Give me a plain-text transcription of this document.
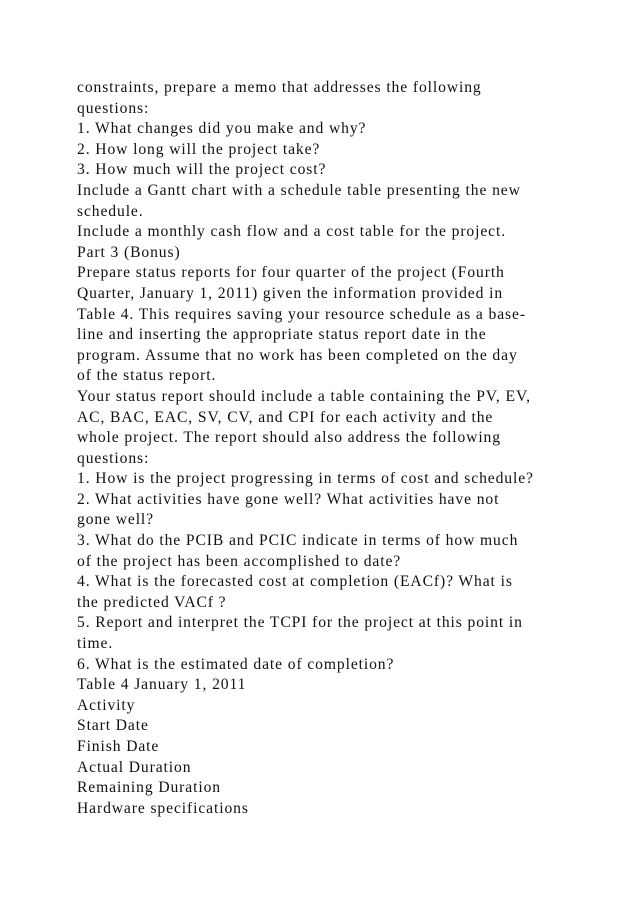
constraints, prepare a memo that addresses the following
questions:
1. What changes did you make and why?
2. How long will the project take?
3. How much will the project cost?
Include a Gantt chart with a schedule table presenting the new
schedule.
Include a monthly cash flow and a cost table for the project.
Part 3 (Bonus)
Prepare status reports for four quarter of the project (Fourth
Quarter, January 1, 2011) given the information provided in
Table 4. This requires saving your resource schedule as a base-
line and inserting the appropriate status report date in the
program. Assume that no work has been completed on the day
of the status report.
Your status report should include a table containing the PV, EV,
AC, BAC, EAC, SV, CV, and CPI for each activity and the
whole project. The report should also address the following
questions:
1. How is the project progressing in terms of cost and schedule?
2. What activities have gone well? What activities have not
gone well?
3. What do the PCIB and PCIC indicate in terms of how much
of the project has been accomplished to date?
4. What is the forecasted cost at completion (EACf)? What is
the predicted VACf ?
5. Report and interpret the TCPI for the project at this point in
time.
6. What is the estimated date of completion?
Table 4 January 1, 2011
Activity
Start Date
Finish Date
Actual Duration
Remaining Duration
Hardware specifications
